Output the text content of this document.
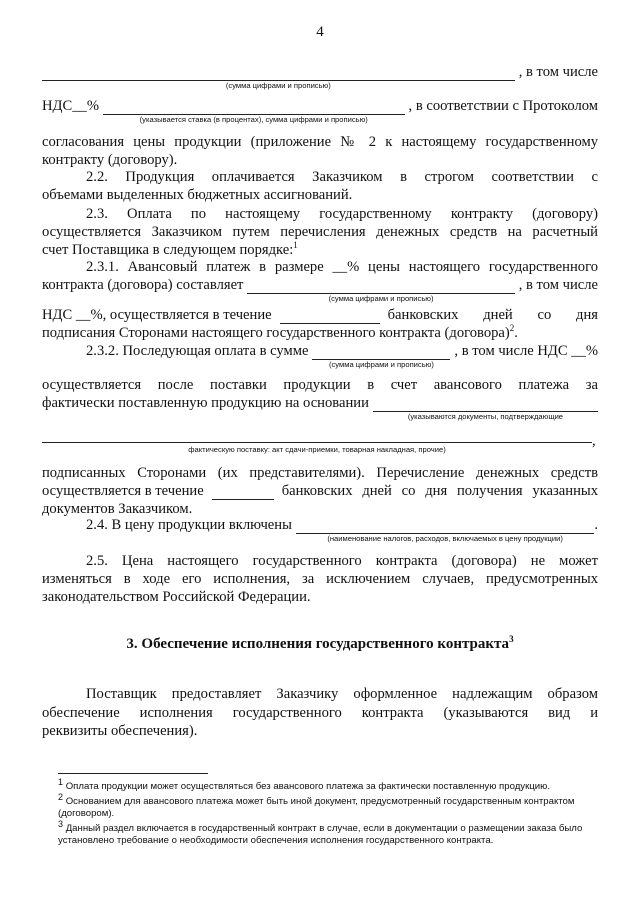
4
(сумма цифрами и прописью)
, в том числе
НДС__%
(указывается ставка (в процентах), сумма цифрами и прописью)
, в соответствии с Протоколом
согласования цены продукции (приложение № 2 к настоящему государственному
контракту (договору).
2.2. Продукция оплачивается Заказчиком в строгом соответствии с
объемами выделенных бюджетных ассигнований.
2.3. Оплата по настоящему государственному контракту (договору)
осуществляется Заказчиком путем перечисления денежных средств на расчетный
счет Поставщика в следующем порядке:$^1$
2.3.1. Авансовый платеж в размере __% цены настоящего государственного
контракта (договора) составляет
(сумма цифрами и прописью)
, в том числе
НДС __%, осуществляется в течение	банковских дней со дня
подписания Сторонами настоящего государственного контракта (договора)$^2$.
2.3.2. Последующая оплата в сумме
(сумма цифрами и прописью)
, в том числе НДС __%
осуществляется после поставки продукции в счет авансового платежа за
фактически поставленную продукцию на основании
(указываются документы, подтверждающие
,
фактическую поставку: акт сдачи-приемки, товарная накладная, прочие)
подписанных Сторонами (их представителями). Перечисление денежных средств
осуществляется в течение	банковских дней со дня получения указанных
документов Заказчиком.
2.4. В цену продукции включены
(наименование налогов, расходов, включаемых в цену продукции)
.
2.5. Цена настоящего государственного контракта (договора) не может
изменяться в ходе его исполнения, за исключением случаев, предусмотренных
законодательством Российской Федерации.
3. Обеспечение исполнения государственного контракта$^3$
Поставщик предоставляет Заказчику оформленное надлежащим образом
обеспечение исполнения государственного контракта (указываются вид и
реквизиты обеспечения).
$^1$ Оплата продукции может осуществляться без авансового платежа за фактически поставленную продукцию.
$^2$ Основанием для авансового платежа может быть иной документ, предусмотренный государственным контрактом
(договором).
$^3$ Данный раздел включается в государственный контракт в случае, если в документации о размещении заказа было
установлено требование о необходимости обеспечения исполнения государственного контракта.
